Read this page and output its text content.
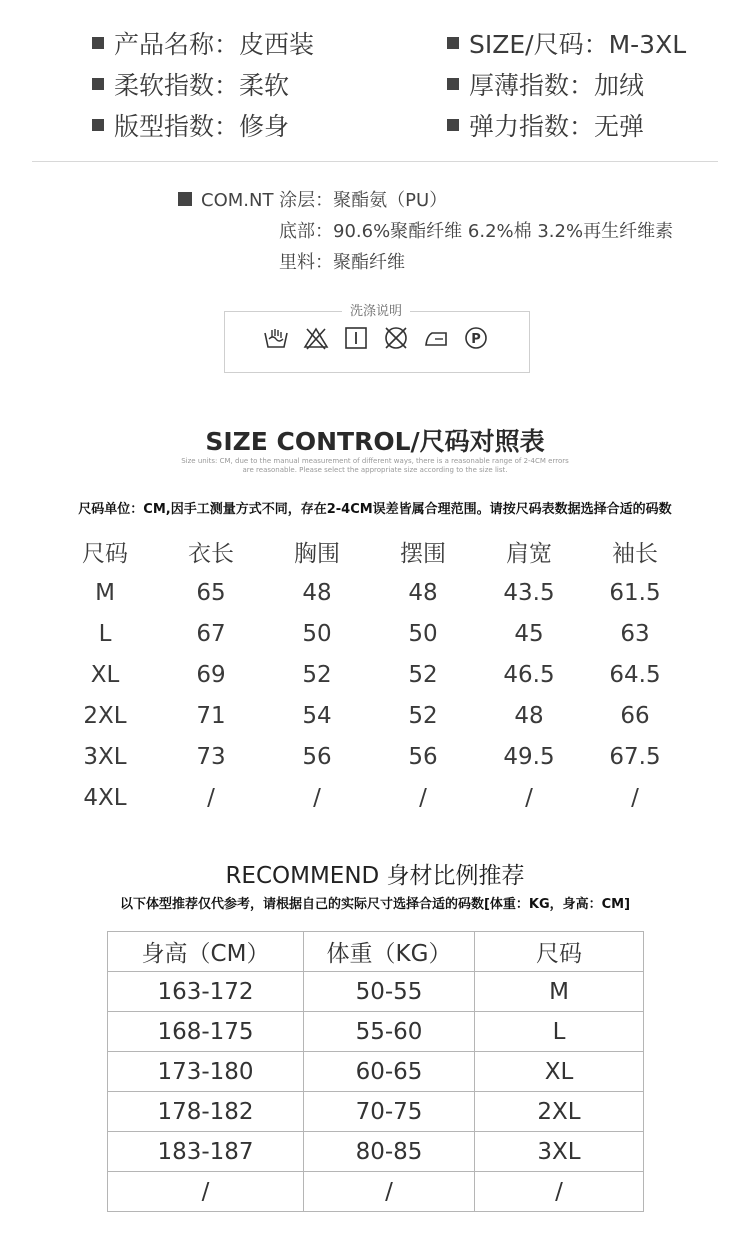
产品名称：皮西装	SIZE/尺码：M-3XL
柔软指数：柔软	厚薄指数：加绒
版型指数：修身	弹力指数：无弹
COM.NT 涂层：聚酯氨（PU）
底部：90.6%聚酯纤维 6.2%棉 3.2%再生纤维素
里料：聚酯纤维
洗涤说明
P
SIZE CONTROL/尺码对照表
Size units: CM, due to the manual measurement of different ways, there is a reasonable range of 2-4CM errors
are reasonable. Please select the appropriate size according to the size list.
尺码单位：CM,因手工测量方式不同，存在2-4CM误差皆属合理范围。请按尺码表数据选择合适的码数
尺码	衣长	胸围	摆围	肩宽	袖长
M	65	48	48	43.5	61.5
L	67	50	50	45	63
XL	69	52	52	46.5	64.5
2XL	71	54	52	48	66
3XL	73	56	56	49.5	67.5
4XL	/	/	/	/	/
RECOMMEND 身材比例推荐
以下体型推荐仅代参考，请根据自己的实际尺寸选择合适的码数[体重：KG，身高：CM]
身高（CM）	体重（KG）	尺码
163-172	50-55	M
168-175	55-60	L
173-180	60-65	XL
178-182	70-75	2XL
183-187	80-85	3XL
/	/	/
